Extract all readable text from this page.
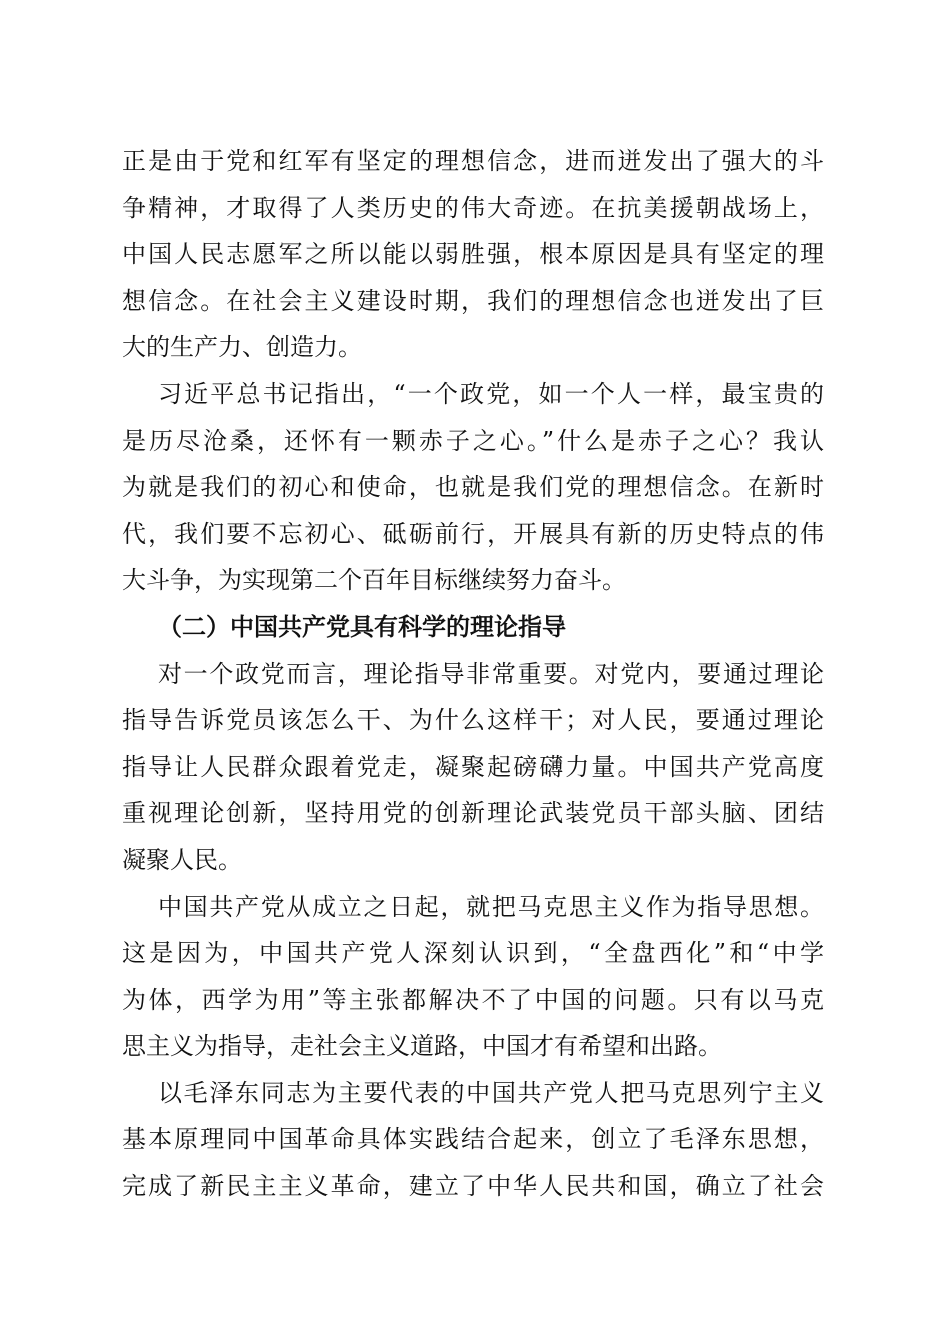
正是由于党和红军有坚定的理想信念，进而迸发出了强大的斗
争精神，才取得了人类历史的伟大奇迹。在抗美援朝战场上，
中国人民志愿军之所以能以弱胜强，根本原因是具有坚定的理
想信念。在社会主义建设时期，我们的理想信念也迸发出了巨
大的生产力、创造力。
习近平总书记指出，“一个政党，如一个人一样，最宝贵的
是历尽沧桑，还怀有一颗赤子之心。”什么是赤子之心？我认
为就是我们的初心和使命，也就是我们党的理想信念。在新时
代，我们要不忘初心、砥砺前行，开展具有新的历史特点的伟
大斗争，为实现第二个百年目标继续努力奋斗。
（二）中国共产党具有科学的理论指导
对一个政党而言，理论指导非常重要。对党内，要通过理论
指导告诉党员该怎么干、为什么这样干；对人民，要通过理论
指导让人民群众跟着党走，凝聚起磅礴力量。中国共产党高度
重视理论创新，坚持用党的创新理论武装党员干部头脑、团结
凝聚人民。
中国共产党从成立之日起，就把马克思主义作为指导思想。
这是因为，中国共产党人深刻认识到，“全盘西化”和“中学
为体，西学为用”等主张都解决不了中国的问题。只有以马克
思主义为指导，走社会主义道路，中国才有希望和出路。
以毛泽东同志为主要代表的中国共产党人把马克思列宁主义
基本原理同中国革命具体实践结合起来，创立了毛泽东思想，
完成了新民主主义革命，建立了中华人民共和国，确立了社会
